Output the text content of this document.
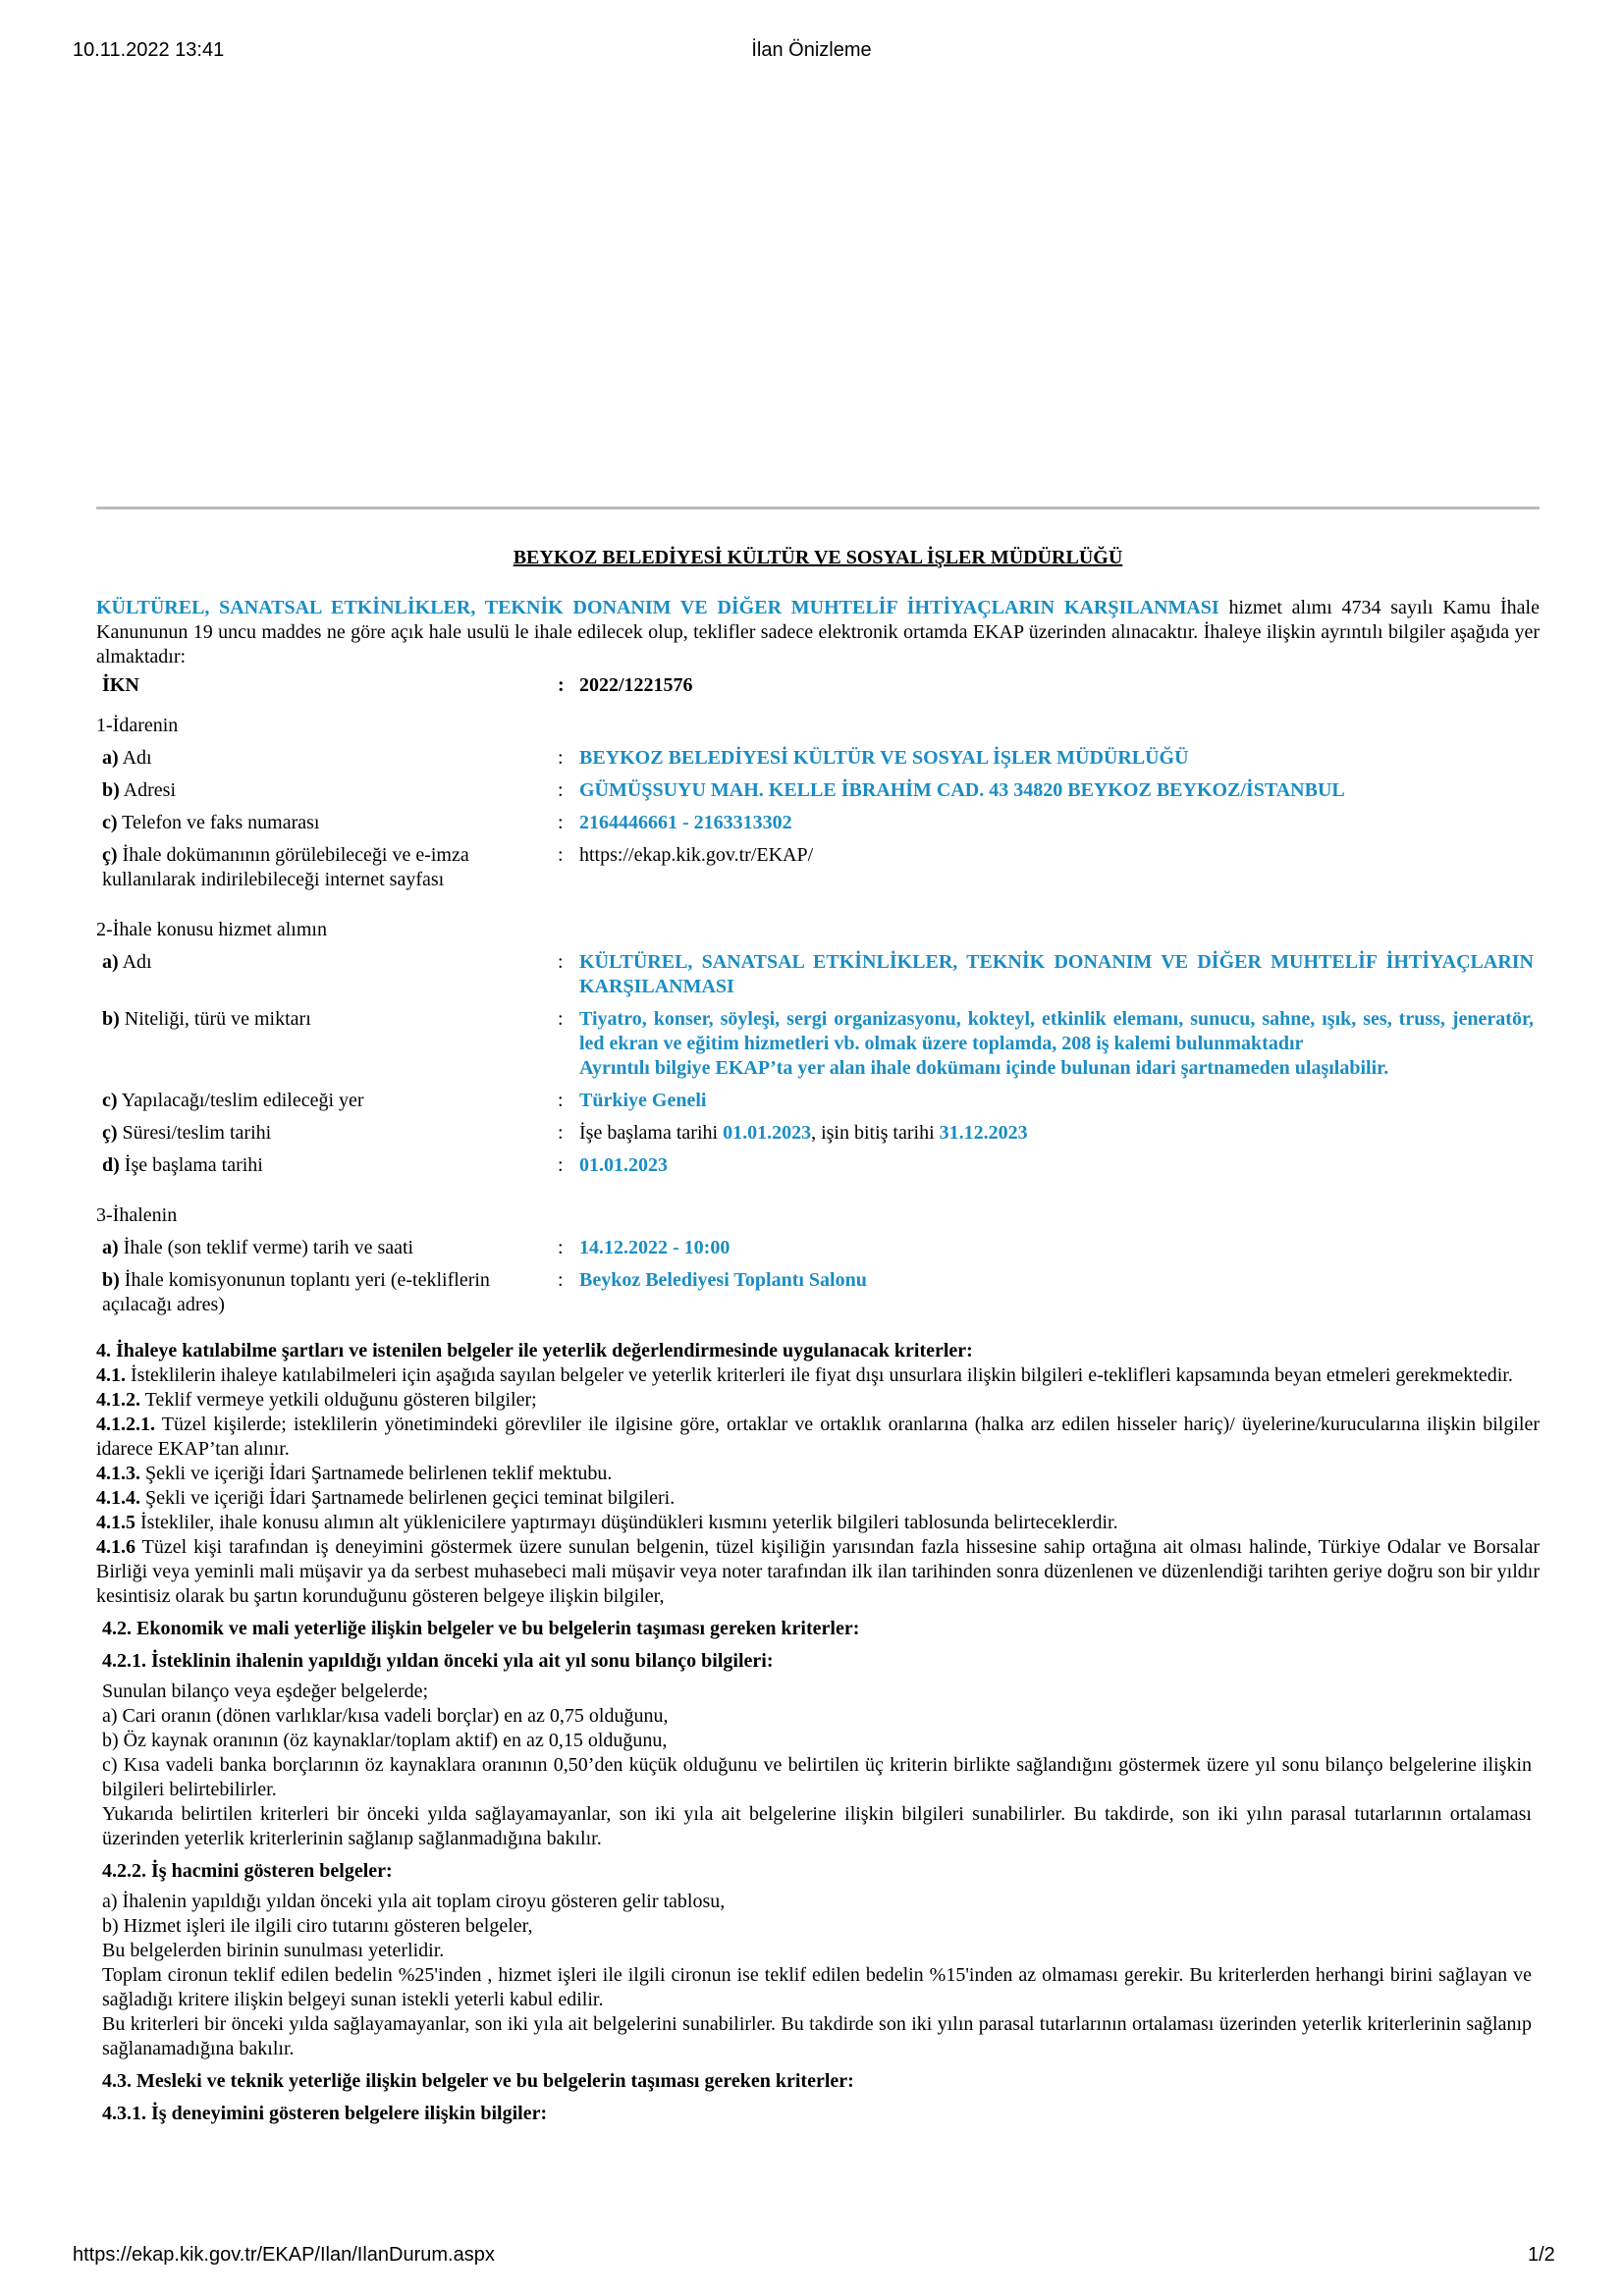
10.11.2022 13:41	İlan Önizleme
BEYKOZ BELEDİYESİ KÜLTÜR VE SOSYAL İŞLER MÜDÜRLÜĞÜ

KÜLTÜREL, SANATSAL ETKİNLİKLER, TEKNİK DONANIM VE DİĞER MUHTELİF İHTİYAÇLARIN KARŞILANMASI hizmet alımı 4734 sayılı Kamu İhale Kanununun 19 uncu maddes ne göre açık hale usulü le ihale edilecek olup, teklifler sadece elektronik ortamda EKAP üzerinden alınacaktır. İhaleye ilişkin ayrıntılı bilgiler aşağıda yer almaktadır:

İKN	:	2022/1221576
1-İdarenin		
a) Adı	:	BEYKOZ BELEDİYESİ KÜLTÜR VE SOSYAL İŞLER MÜDÜRLÜĞÜ

b) Adresi	:	GÜMÜŞSUYU MAH. KELLE İBRAHİM CAD. 43 34820 BEYKOZ BEYKOZ/İSTANBUL

c) Telefon ve faks numarası	:	2164446661 - 2163313302

ç) İhale dokümanının görülebileceği ve e-imza kullanılarak indirilebileceği internet sayfası	:	https://ekap.kik.gov.tr/EKAP/
2-İhale konusu hizmet alımın		
a) Adı	:	KÜLTÜREL, SANATSAL ETKİNLİKLER, TEKNİK DONANIM VE DİĞER MUHTELİF İHTİYAÇLARIN KARŞILANMASI

b) Niteliği, türü ve miktarı	:	Tiyatro, konser, söyleşi, sergi organizasyonu, kokteyl, etkinlik elemanı, sunucu, sahne, ışık, ses, truss, jeneratör, led ekran ve eğitim hizmetleri vb. olmak üzere toplamda, 208 iş kalemi bulunmaktadır
Ayrıntılı bilgiye EKAP’ta yer alan ihale dokümanı içinde bulunan idari şartnameden ulaşılabilir.

c) Yapılacağı/teslim edileceği yer	:	Türkiye Geneli

ç) Süresi/teslim tarihi	:	İşe başlama tarihi 01.01.2023, işin bitiş tarihi 31.12.2023
d) İşe başlama tarihi	:	01.01.2023
3-İhalenin		
a) İhale (son teklif verme) tarih ve saati	:	14.12.2022 - 10:00

b) İhale komisyonunun toplantı yeri (e-tekliflerin açılacağı adres)	:	Beykoz Belediyesi Toplantı Salonu
4. İhaleye katılabilme şartları ve istenilen belgeler ile yeterlik değerlendirmesinde uygulanacak kriterler:

4.1. İsteklilerin ihaleye katılabilmeleri için aşağıda sayılan belgeler ve yeterlik kriterleri ile fiyat dışı unsurlara ilişkin bilgileri e-teklifleri kapsamında beyan etmeleri gerekmektedir.

4.1.2. Teklif vermeye yetkili olduğunu gösteren bilgiler;

4.1.2.1. Tüzel kişilerde; isteklilerin yönetimindeki görevliler ile ilgisine göre, ortaklar ve ortaklık oranlarına (halka arz edilen hisseler hariç)/ üyelerine/kurucularına ilişkin bilgiler idarece EKAP’tan alınır.

4.1.3. Şekli ve içeriği İdari Şartnamede belirlenen teklif mektubu.

4.1.4. Şekli ve içeriği İdari Şartnamede belirlenen geçici teminat bilgileri.

4.1.5 İstekliler, ihale konusu alımın alt yüklenicilere yaptırmayı düşündükleri kısmını yeterlik bilgileri tablosunda belirteceklerdir.

4.1.6 Tüzel kişi tarafından iş deneyimini göstermek üzere sunulan belgenin, tüzel kişiliğin yarısından fazla hissesine sahip ortağına ait olması halinde, Türkiye Odalar ve Borsalar Birliği veya yeminli mali müşavir ya da serbest muhasebeci mali müşavir veya noter tarafından ilk ilan tarihinden sonra düzenlenen ve düzenlendiği tarihten geriye doğru son bir yıldır kesintisiz olarak bu şartın korunduğunu gösteren belgeye ilişkin bilgiler,

4.2. Ekonomik ve mali yeterliğe ilişkin belgeler ve bu belgelerin taşıması gereken kriterler:
4.2.1. İsteklinin ihalenin yapıldığı yıldan önceki yıla ait yıl sonu bilanço bilgileri:

Sunulan bilanço veya eşdeğer belgelerde;

a) Cari oranın (dönen varlıklar/kısa vadeli borçlar) en az 0,75 olduğunu,

b) Öz kaynak oranının (öz kaynaklar/toplam aktif) en az 0,15 olduğunu,

c) Kısa vadeli banka borçlarının öz kaynaklara oranının 0,50’den küçük olduğunu ve belirtilen üç kriterin birlikte sağlandığını göstermek üzere yıl sonu bilanço belgelerine ilişkin bilgileri belirtebilirler.

Yukarıda belirtilen kriterleri bir önceki yılda sağlayamayanlar, son iki yıla ait belgelerine ilişkin bilgileri sunabilirler. Bu takdirde, son iki yılın parasal tutarlarının ortalaması üzerinden yeterlik kriterlerinin sağlanıp sağlanmadığına bakılır.

4.2.2. İş hacmini gösteren belgeler:

a) İhalenin yapıldığı yıldan önceki yıla ait toplam ciroyu gösteren gelir tablosu,

b) Hizmet işleri ile ilgili ciro tutarını gösteren belgeler,

Bu belgelerden birinin sunulması yeterlidir.

Toplam cironun teklif edilen bedelin %25'inden , hizmet işleri ile ilgili cironun ise teklif edilen bedelin %15'inden az olmaması gerekir. Bu kriterlerden herhangi birini sağlayan ve sağladığı kritere ilişkin belgeyi sunan istekli yeterli kabul edilir.

Bu kriterleri bir önceki yılda sağlayamayanlar, son iki yıla ait belgelerini sunabilirler. Bu takdirde son iki yılın parasal tutarlarının ortalaması üzerinden yeterlik kriterlerinin sağlanıp sağlanamadığına bakılır.

4.3. Mesleki ve teknik yeterliğe ilişkin belgeler ve bu belgelerin taşıması gereken kriterler:
4.3.1. İş deneyimini gösteren belgelere ilişkin bilgiler:
https://ekap.kik.gov.tr/EKAP/Ilan/IlanDurum.aspx	1/2
